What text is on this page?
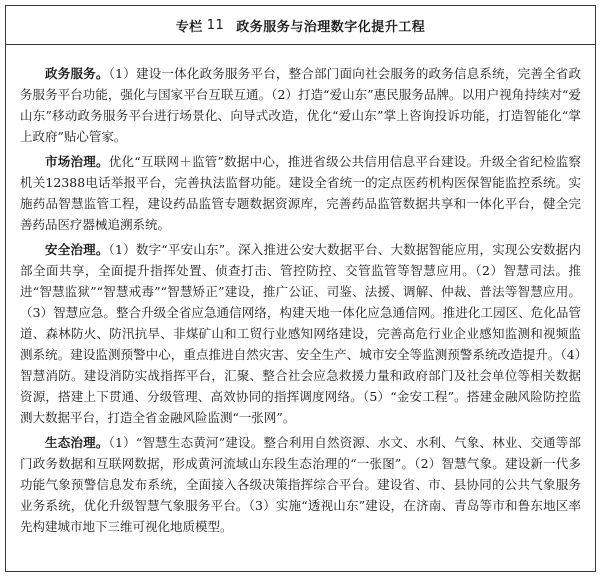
专栏 11 政务服务与治理数字化提升工程

政务服务。（1）建设一体化政务服务平台，整合部门面向社会服务的政务信息系统，完善全省政务服务平台功能，强化与国家平台互联互通。（2）打造“爱山东”惠民服务品牌。以用户视角持续对“爱山东”移动政务服务平台进行场景化、向导式改造，优化“爱山东”掌上咨询投诉功能，打造智能化“掌上政府”贴心管家。

市场治理。优化“互联网＋监管”数据中心，推进省级公共信用信息平台建设。升级全省纪检监察机关12388电话举报平台，完善执法监督功能。建设全省统一的定点医药机构医保智能监控系统。实施药品智慧监管工程，建设药品监管专题数据资源库，完善药品监管数据共享和一体化平台，健全完善药品医疗器械追溯系统。

安全治理。（1）数字“平安山东”。深入推进公安大数据平台、大数据智能应用，实现公安数据内部全面共享，全面提升指挥处置、侦查打击、管控防控、交管监管等智慧应用。（2）智慧司法。推进“智慧监狱”“智慧戒毒”“智慧矫正”建设，推广公证、司鉴、法援、调解、仲裁、普法等智慧应用。（3）智慧应急。整合升级全省应急通信网络，构建天地一体化应急通信网。推进化工园区、危化品管道、森林防火、防汛抗旱、非煤矿山和工贸行业感知网络建设，完善高危行业企业感知监测和视频监测系统。建设监测预警中心，重点推进自然灾害、安全生产、城市安全等监测预警系统改造提升。（4）智慧消防。建设消防实战指挥平台，汇聚、整合社会应急救援力量和政府部门及社会单位等相关数据资源，搭建上下贯通、分级管理、高效协同的指挥调度网络。（5）“金安工程”。搭建金融风险防控监测大数据平台，打造全省金融风险监测“一张网”。

生态治理。（1）“智慧生态黄河”建设。整合利用自然资源、水文、水利、气象、林业、交通等部门政务数据和互联网数据，形成黄河流域山东段生态治理的“一张图”。（2）智慧气象。建设新一代多功能气象预警信息发布系统，全面接入各级决策指挥综合平台。建设省、市、县协同的公共气象服务业务系统，优化升级智慧气象服务平台。（3）实施“透视山东”建设，在济南、青岛等市和鲁东地区率先构建城市地下三维可视化地质模型。
